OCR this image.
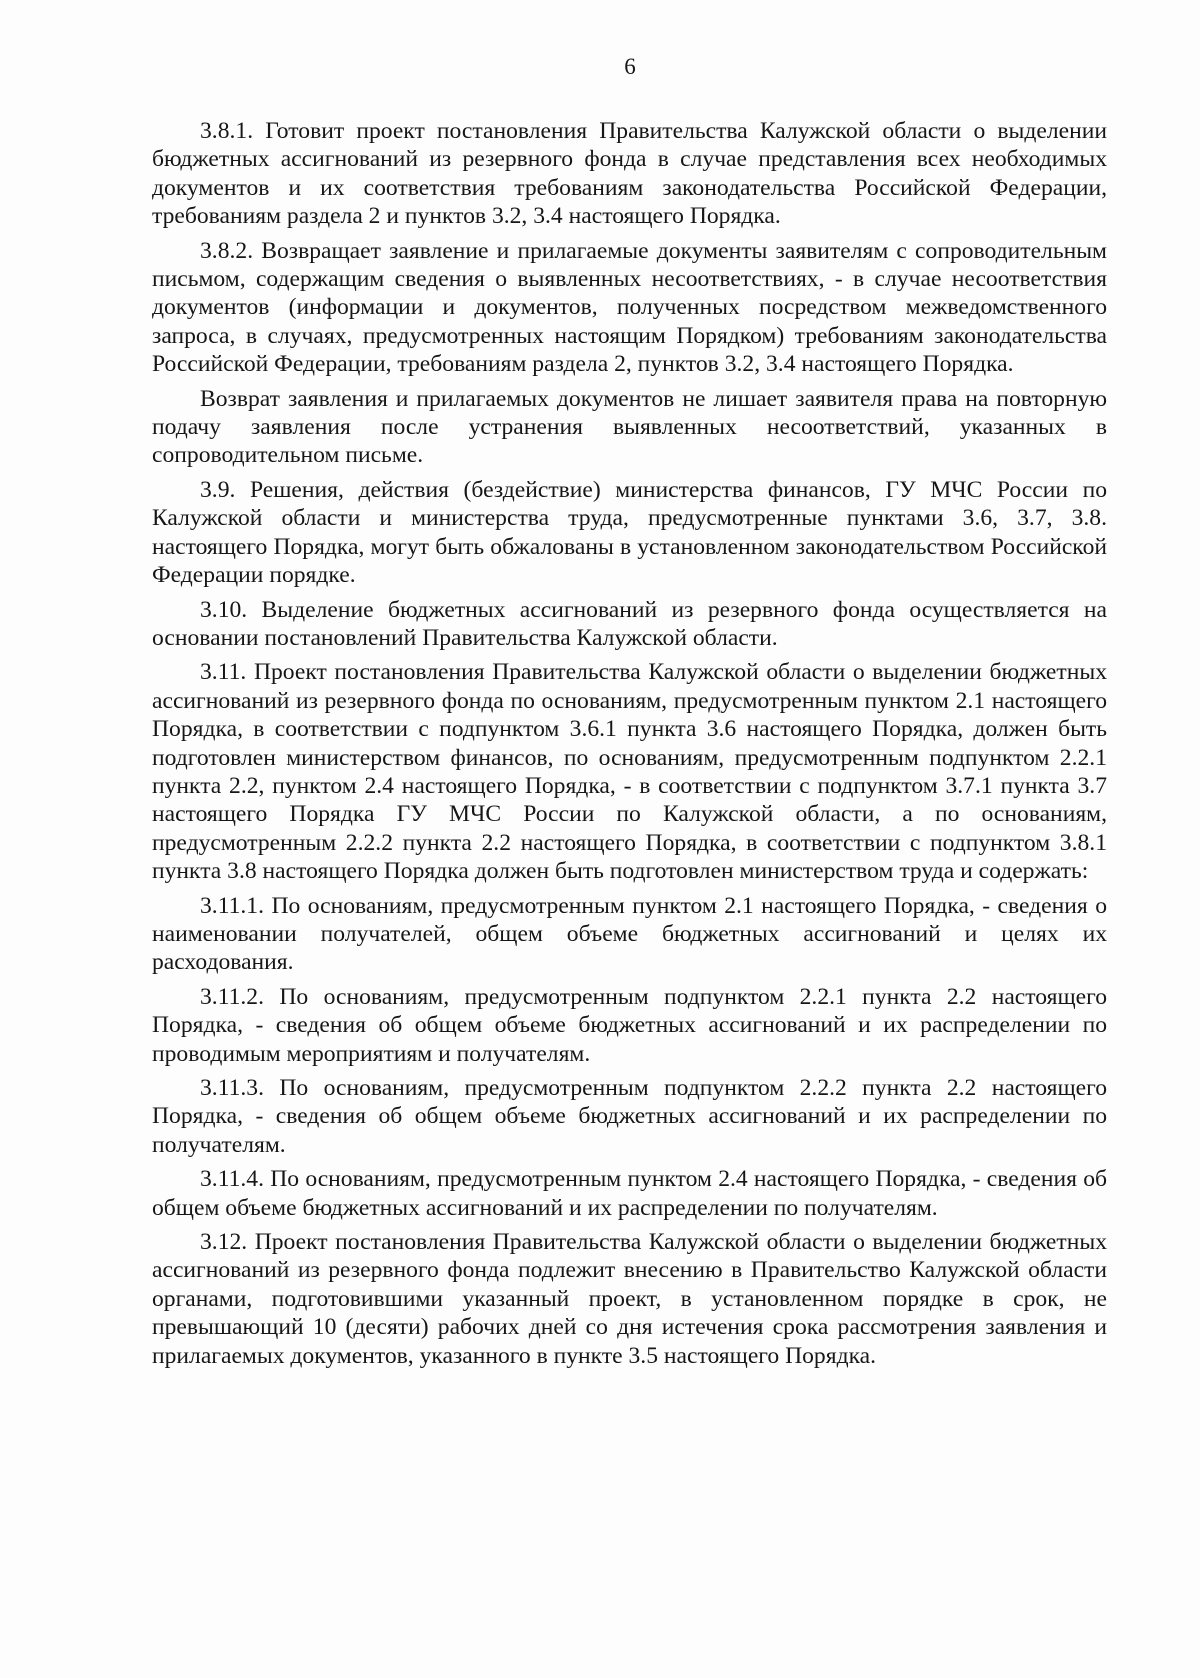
6

3.8.1. Готовит проект постановления Правительства Калужской области о выделении бюджетных ассигнований из резервного фонда в случае представления всех необходимых документов и их соответствия требованиям законодательства Российской Федерации, требованиям раздела 2 и пунктов 3.2, 3.4 настоящего Порядка.

3.8.2. Возвращает заявление и прилагаемые документы заявителям с сопроводительным письмом, содержащим сведения о выявленных несоответствиях, - в случае несоответствия документов (информации и документов, полученных посредством межведомственного запроса, в случаях, предусмотренных настоящим Порядком) требованиям законодательства Российской Федерации, требованиям раздела 2, пунктов 3.2, 3.4 настоящего Порядка.

Возврат заявления и прилагаемых документов не лишает заявителя права на повторную подачу заявления после устранения выявленных несоответствий, указанных в сопроводительном письме.

3.9. Решения, действия (бездействие) министерства финансов, ГУ МЧС России по Калужской области и министерства труда, предусмотренные пунктами 3.6, 3.7, 3.8. настоящего Порядка, могут быть обжалованы в установленном законодательством Российской Федерации порядке.

3.10. Выделение бюджетных ассигнований из резервного фонда осуществляется на основании постановлений Правительства Калужской области.

3.11. Проект постановления Правительства Калужской области о выделении бюджетных ассигнований из резервного фонда по основаниям, предусмотренным пунктом 2.1 настоящего Порядка, в соответствии с подпунктом 3.6.1 пункта 3.6 настоящего Порядка, должен быть подготовлен министерством финансов, по основаниям, предусмотренным подпунктом 2.2.1 пункта 2.2, пунктом 2.4 настоящего Порядка, - в соответствии с подпунктом 3.7.1 пункта 3.7 настоящего Порядка ГУ МЧС России по Калужской области, а по основаниям, предусмотренным 2.2.2 пункта 2.2 настоящего Порядка, в соответствии с подпунктом 3.8.1 пункта 3.8 настоящего Порядка должен быть подготовлен министерством труда и содержать:

3.11.1. По основаниям, предусмотренным пунктом 2.1 настоящего Порядка, - сведения о наименовании получателей, общем объеме бюджетных ассигнований и целях их расходования.

3.11.2. По основаниям, предусмотренным подпунктом 2.2.1 пункта 2.2 настоящего Порядка, - сведения об общем объеме бюджетных ассигнований и их распределении по проводимым мероприятиям и получателям.

3.11.3. По основаниям, предусмотренным подпунктом 2.2.2 пункта 2.2 настоящего Порядка, - сведения об общем объеме бюджетных ассигнований и их распределении по получателям.

3.11.4. По основаниям, предусмотренным пунктом 2.4 настоящего Порядка, - сведения об общем объеме бюджетных ассигнований и их распределении по получателям.

3.12. Проект постановления Правительства Калужской области о выделении бюджетных ассигнований из резервного фонда подлежит внесению в Правительство Калужской области органами, подготовившими указанный проект, в установленном порядке в срок, не превышающий 10 (десяти) рабочих дней со дня истечения срока рассмотрения заявления и прилагаемых документов, указанного в пункте 3.5 настоящего Порядка.
